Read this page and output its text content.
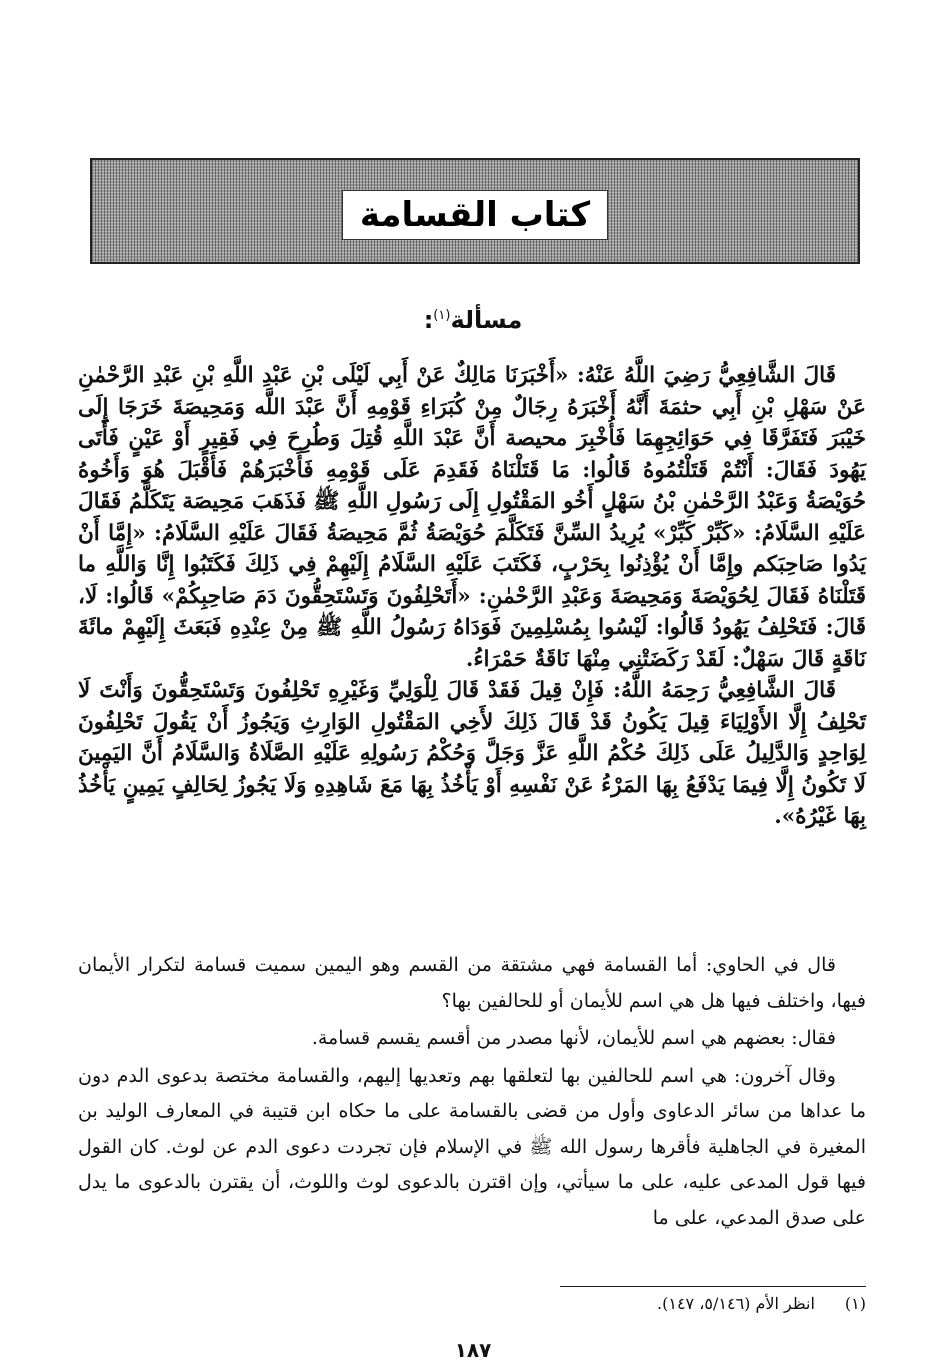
كتاب القسامة
مسألة$^{(١)}$:

قَالَ الشَّافِعِيُّ رَضِيَ اللَّهُ عَنْهُ: «أَخْبَرَنَا مَالِكٌ عَنْ أَبِي لَيْلَى بْنِ عَبْدِ اللَّهِ بْنِ عَبْدِ الرَّحْمٰنِ عَنْ سَهْلِ بْنِ أَبِي حثمَةَ أَنَّهُ أَخْبَرَهُ رِجَالٌ مِنْ كُبَرَاءِ قَوْمِهِ أَنَّ عَبْدَ اللَّه وَمَحِيصَةَ خَرَجَا إِلَى خَيْبَرَ فَتَفَرَّقَا فِي حَوَائِجِهِمَا فَأُخْبِرَ محيصة أَنَّ عَبْدَ اللَّهِ قُتِلَ وَطُرِحَ فِي فَقِيرٍ أَوْ عَيْنٍ فَأَتَى يَهُودَ فَقَالَ: أَنْتُمْ قَتَلْتُمُوهُ قَالُوا: مَا قَتَلْنَاهُ فَقَدِمَ عَلَى قَوْمِهِ فَأَخْبَرَهُمْ فَأَقْبَلَ هُوَ وَأَخُوهُ حُوَيْصَةُ وَعَبْدُ الرَّحْمٰنِ بْنُ سَهْلٍ أَخُو المَقْتُولِ إِلَى رَسُولِ اللَّهِ ﷺ فَذَهَبَ مَحِيصَة يَتَكَلَّمُ فَقَالَ عَلَيْهِ السَّلَامُ: «كَبِّرْ كَبِّرْ» يُرِيدُ السِّنَّ فَتَكَلَّمَ حُوَيْصَةُ ثُمَّ مَحِيصَةُ فَقَالَ عَلَيْهِ السَّلَامُ: «إِمَّا أَنْ يَدُوا صَاحِبَكم وإِمَّا أَنْ يُؤْذِنُوا بِحَرْبٍ، فَكَتَبَ عَلَيْهِ السَّلَامُ إِلَيْهِمْ فِي ذَلِكَ فَكَتَبُوا إِنَّا وَاللَّهِ ما قَتَلْنَاهُ فَقَالَ لِحُوَيْصَةَ وَمَحِيصَةَ وَعَبْدِ الرَّحْمٰنِ: «أَتَحْلِفُونَ وَتَسْتَحِقُّونَ دَمَ صَاحِبِكُمْ» قَالُوا: لَا، قَالَ: فَتَحْلِفُ يَهُودُ قَالُوا: لَيْسُوا بِمُسْلِمِينَ فَوَدَاهُ رَسُولُ اللَّهِ ﷺ مِنْ عِنْدِهِ فَبَعَثَ إِلَيْهِمْ مائَةَ نَاقَةٍ قَالَ سَهْلٌ: لَقَدْ رَكَضَتْنِي مِنْهَا نَاقَةٌ حَمْرَاءُ.

قَالَ الشَّافِعِيُّ رَحِمَهُ اللَّهُ: فَإِنْ قِيلَ فَقَدْ قَالَ لِلْوَلِيِّ وَغَيْرِهِ تَحْلِفُونَ وَتَسْتَحِقُّونَ وَأَنْتَ لَا تَحْلِفُ إِلَّا الأَوْلِيَاءَ قِيلَ يَكُونُ قَدْ قَالَ ذَلِكَ لأَخِي المَقْتُولِ الوَارِثِ وَيَجُوزُ أَنْ يَقُولَ تَحْلِفُونَ لِوَاحِدٍ وَالدَّلِيلُ عَلَى ذَلِكَ حُكْمُ اللَّهِ عَزَّ وَجَلَّ وَحُكْمُ رَسُولِهِ عَلَيْهِ الصَّلَاةُ وَالسَّلَامُ أَنَّ اليَمِينَ لَا تَكُونُ إِلَّا فِيمَا يَدْفَعُ بِهَا المَرْءُ عَنْ نَفْسِهِ أَوْ يَأْخُذُ بِهَا مَعَ شَاهِدِهِ وَلَا يَجُوزُ لِحَالِفٍ يَمِينٍ يَأْخُذُ بِهَا غَيْرُهُ».

قال في الحاوي: أما القسامة فهي مشتقة من القسم وهو اليمين سميت قسامة لتكرار الأيمان فيها، واختلف فيها هل هي اسم للأيمان أو للحالفين بها؟

فقال: بعضهم هي اسم للأيمان، لأنها مصدر من أقسم يقسم قسامة.

وقال آخرون: هي اسم للحالفين بها لتعلقها بهم وتعديها إليهم، والقسامة مختصة بدعوى الدم دون ما عداها من سائر الدعاوى وأول من قضى بالقسامة على ما حكاه ابن قتيبة في المعارف الوليد بن المغيرة في الجاهلية فأقرها رسول الله ﷺ في الإسلام فإن تجردت دعوى الدم عن لوث. كان القول فيها قول المدعى عليه، على ما سيأتي، وإن اقترن بالدعوى لوث واللوث، أن يقترن بالدعوى ما يدل على صدق المدعي، على ما

(١)انظر الأم (٥/١٤٦، ١٤٧).
١٨٧
